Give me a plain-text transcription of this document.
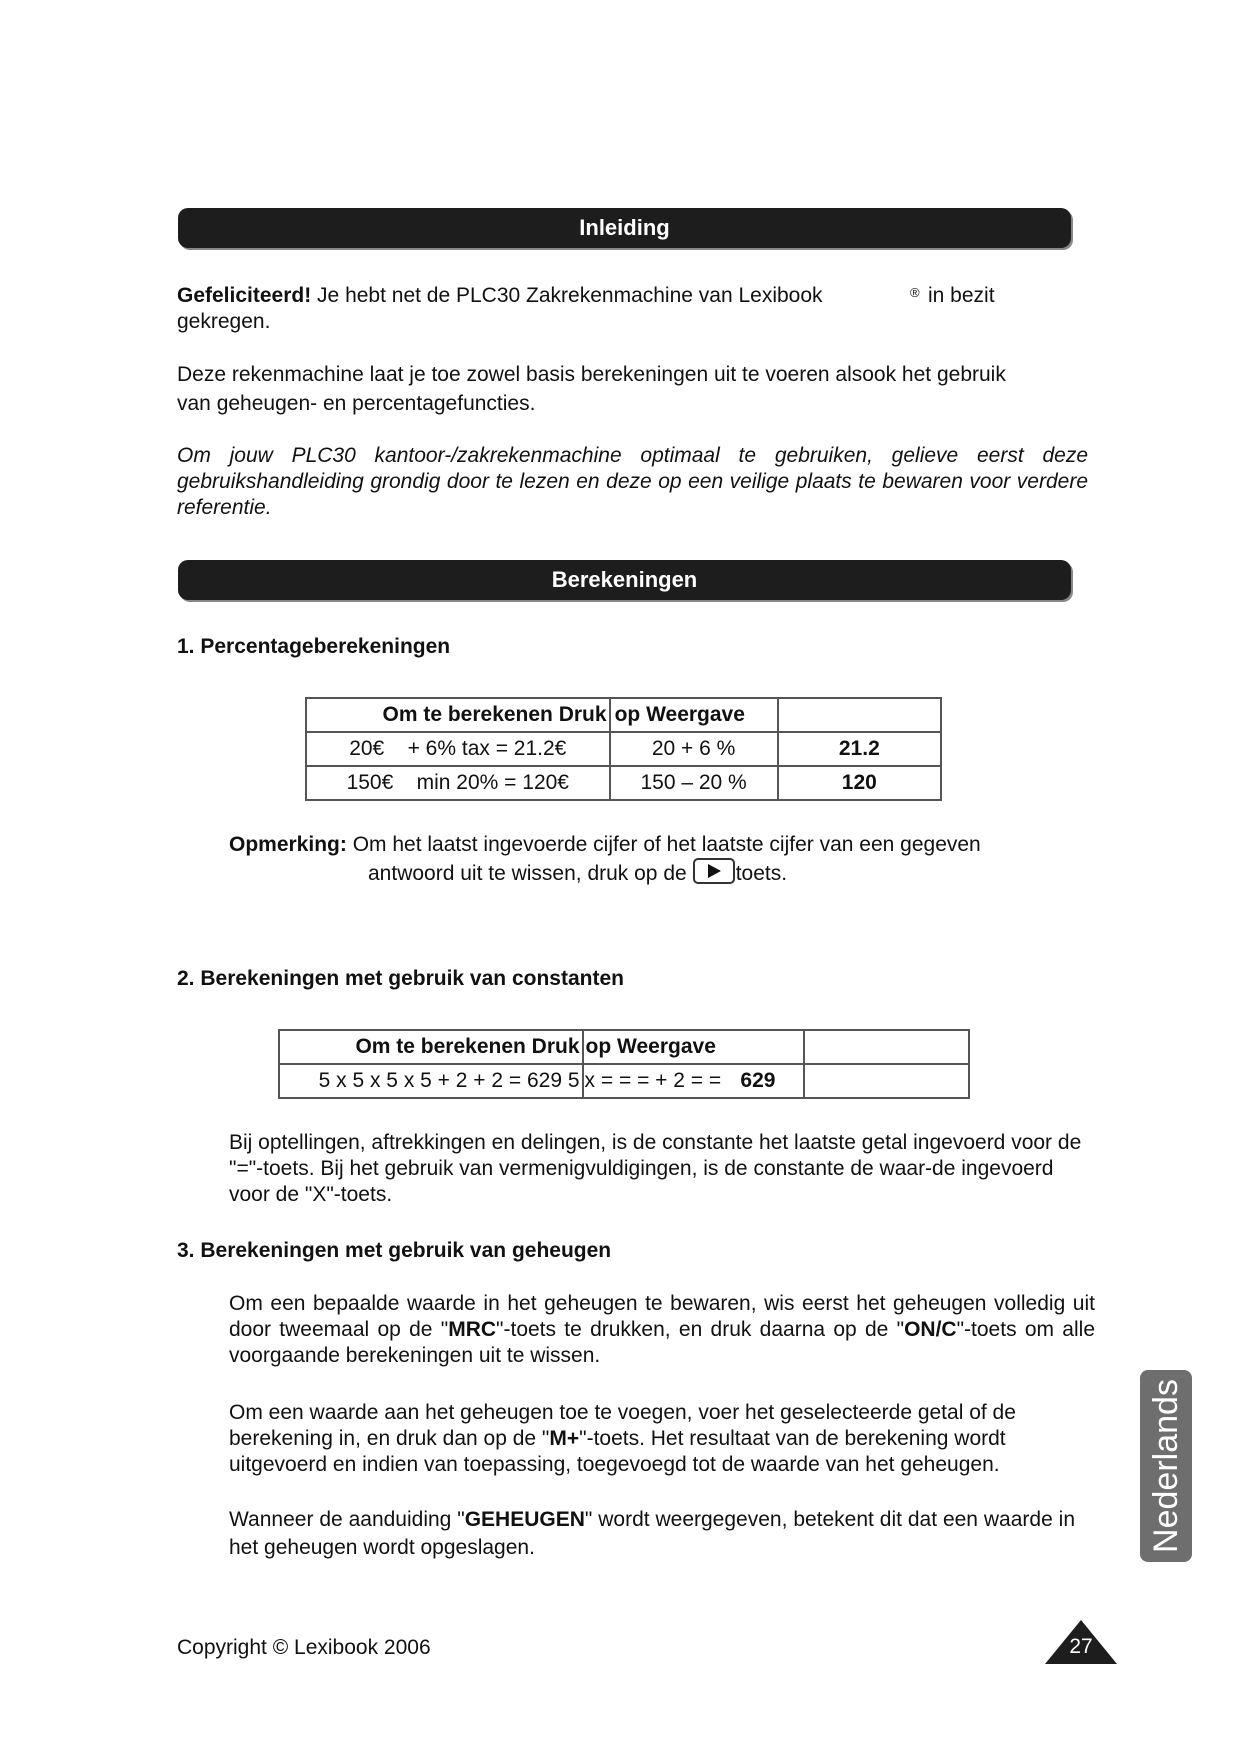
Inleiding
Gefeliciteerd! Je hebt net de PLC30 Zakrekenmachine van Lexibook	® in bezit
gekregen.
Deze rekenmachine laat je toe zowel basis berekeningen uit te voeren alsook het gebruik
van geheugen- en percentagefuncties.
Om jouw PLC30 kantoor-/zakrekenmachine optimaal te gebruiken, gelieve eerst deze gebruikshandleiding grondig door te lezen en deze op een veilige plaats te bewaren voor verdere referentie.
Berekeningen
1. Percentageberekeningen
Om te berekenen Druk	op Weergave	
20€    + 6% tax = 21.2€	20 + 6 %	21.2
150€    min 20% = 120€	150 – 20 %	120
Opmerking: Om het laatst ingevoerde cijfer of het laatste cijfer van een gegeven
antwoord uit te wissen, druk op de toets.
2. Berekeningen met gebruik van constanten
Om te berekenen Druk	op Weergave		
5 x 5 x 5 x 5 + 2 + 2 = 629 5	x = = = + 2 = =	629	
Bij optellingen, aftrekkingen en delingen, is de constante het laatste getal ingevoerd voor de "="-toets. Bij het gebruik van vermenigvuldigingen, is de constante de waar-de ingevoerd voor de "X"-toets.
3. Berekeningen met gebruik van geheugen
Om een bepaalde waarde in het geheugen te bewaren, wis eerst het geheugen volledig uit door tweemaal op de "MRC"-toets te drukken, en druk daarna op de "ON/C"-toets om alle voorgaande berekeningen uit te wissen.
Om een waarde aan het geheugen toe te voegen, voer het geselecteerde getal of de berekening in, en druk dan op de "M+"-toets. Het resultaat van de berekening wordt uitgevoerd en indien van toepassing, toegevoegd tot de waarde van het geheugen.
Wanneer de aanduiding "GEHEUGEN" wordt weergegeven, betekent dit dat een waarde in het geheugen wordt opgeslagen.	Nederlands
Copyright © Lexibook 2006	27
